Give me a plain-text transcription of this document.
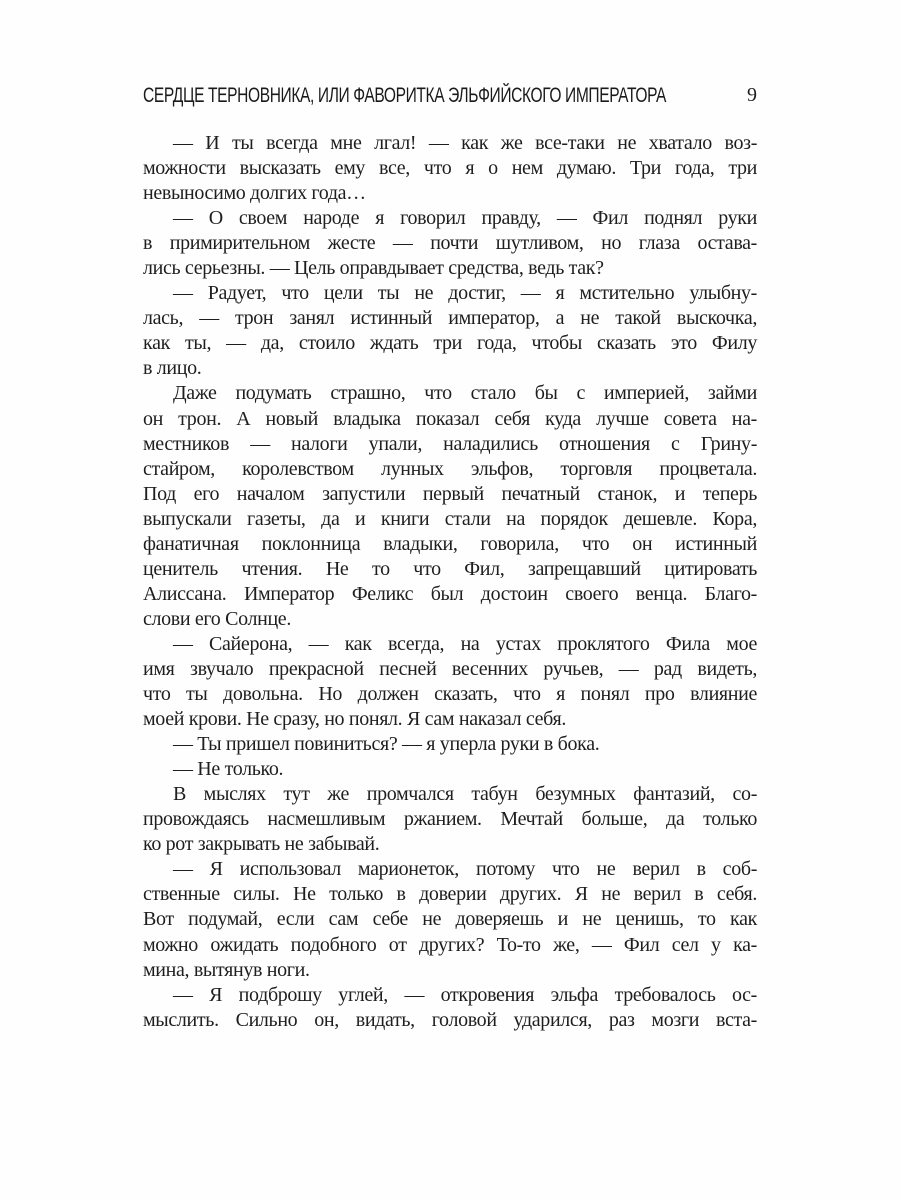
СЕРДЦЕ ТЕРНОВНИКА, ИЛИ ФАВОРИТКА ЭЛЬФИЙСКОГО ИМПЕРАТОРА	9
— И ты всегда мне лгал! — как же все-таки не хватало воз-
можности высказать ему все, что я о нем думаю. Три года, три
невыносимо долгих года…
— О своем народе я говорил правду, — Фил поднял руки
в примирительном жесте — почти шутливом, но глаза остава-
лись серьезны. — Цель оправдывает средства, ведь так?
— Радует, что цели ты не достиг, — я мстительно улыбну-
лась, — трон занял истинный император, а не такой выскочка,
как ты, — да, стоило ждать три года, чтобы сказать это Филу
в лицо.
Даже подумать страшно, что стало бы с империей, займи
он трон. А новый владыка показал себя куда лучше совета на-
местников — налоги упали, наладились отношения с Грину-
стайром, королевством лунных эльфов, торговля процветала.
Под его началом запустили первый печатный станок, и теперь
выпускали газеты, да и книги стали на порядок дешевле. Кора,
фанатичная поклонница владыки, говорила, что он истинный
ценитель чтения. Не то что Фил, запрещавший цитировать
Алиссана. Император Феликс был достоин своего венца. Благо-
слови его Солнце.
— Сайерона, — как всегда, на устах проклятого Фила мое
имя звучало прекрасной песней весенних ручьев, — рад видеть,
что ты довольна. Но должен сказать, что я понял про влияние
моей крови. Не сразу, но понял. Я сам наказал себя.
— Ты пришел повиниться? — я уперла руки в бока.
— Не только.
В мыслях тут же промчался табун безумных фантазий, со-
провождаясь насмешливым ржанием. Мечтай больше, да только
ко рот закрывать не забывай.
— Я использовал марионеток, потому что не верил в соб-
ственные силы. Не только в доверии других. Я не верил в себя.
Вот подумай, если сам себе не доверяешь и не ценишь, то как
можно ожидать подобного от других? То-то же, — Фил сел у ка-
мина, вытянув ноги.
— Я подброшу углей, — откровения эльфа требовалось ос-
мыслить. Сильно он, видать, головой ударился, раз мозги вста-
